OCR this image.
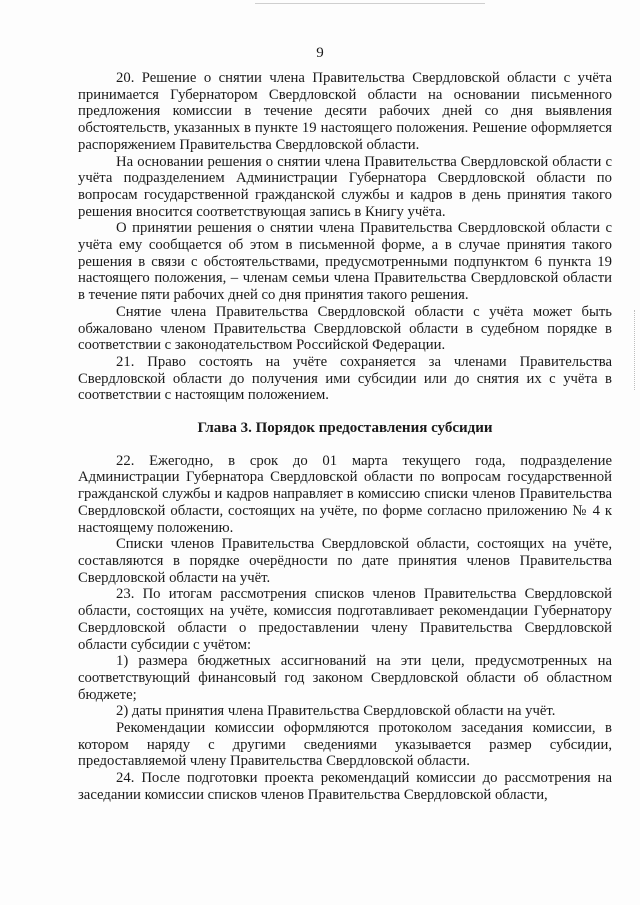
9

20. Решение о снятии члена Правительства Свердловской области с учёта принимается Губернатором Свердловской области на основании письменного предложения комиссии в течение десяти рабочих дней со дня выявления обстоятельств, указанных в пункте 19 настоящего положения. Решение оформляется распоряжением Правительства Свердловской области.

На основании решения о снятии члена Правительства Свердловской области с учёта подразделением Администрации Губернатора Свердловской области по вопросам государственной гражданской службы и кадров в день принятия такого решения вносится соответствующая запись в Книгу учёта.

О принятии решения о снятии члена Правительства Свердловской области с учёта ему сообщается об этом в письменной форме, а в случае принятия такого решения в связи с обстоятельствами, предусмотренными подпунктом 6 пункта 19 настоящего положения, – членам семьи члена Правительства Свердловской области в течение пяти рабочих дней со дня принятия такого решения.

Снятие члена Правительства Свердловской области с учёта может быть обжаловано членом Правительства Свердловской области в судебном порядке в соответствии с законодательством Российской Федерации.

21. Право состоять на учёте сохраняется за членами Правительства Свердловской области до получения ими субсидии или до снятия их с учёта в соответствии с настоящим положением.

Глава 3. Порядок предоставления субсидии

22. Ежегодно, в срок до 01 марта текущего года, подразделение Администрации Губернатора Свердловской области по вопросам государственной гражданской службы и кадров направляет в комиссию списки членов Правительства Свердловской области, состоящих на учёте, по форме согласно приложению № 4 к настоящему положению.

Списки членов Правительства Свердловской области, состоящих на учёте, составляются в порядке очерёдности по дате принятия членов Правительства Свердловской области на учёт.

23. По итогам рассмотрения списков членов Правительства Свердловской области, состоящих на учёте, комиссия подготавливает рекомендации Губернатору Свердловской области о предоставлении члену Правительства Свердловской области субсидии с учётом:

1) размера бюджетных ассигнований на эти цели, предусмотренных на соответствующий финансовый год законом Свердловской области об областном бюджете;

2) даты принятия члена Правительства Свердловской области на учёт.

Рекомендации комиссии оформляются протоколом заседания комиссии, в котором наряду с другими сведениями указывается размер субсидии, предоставляемой члену Правительства Свердловской области.

24. После подготовки проекта рекомендаций комиссии до рассмотрения на заседании комиссии списков членов Правительства Свердловской области,
